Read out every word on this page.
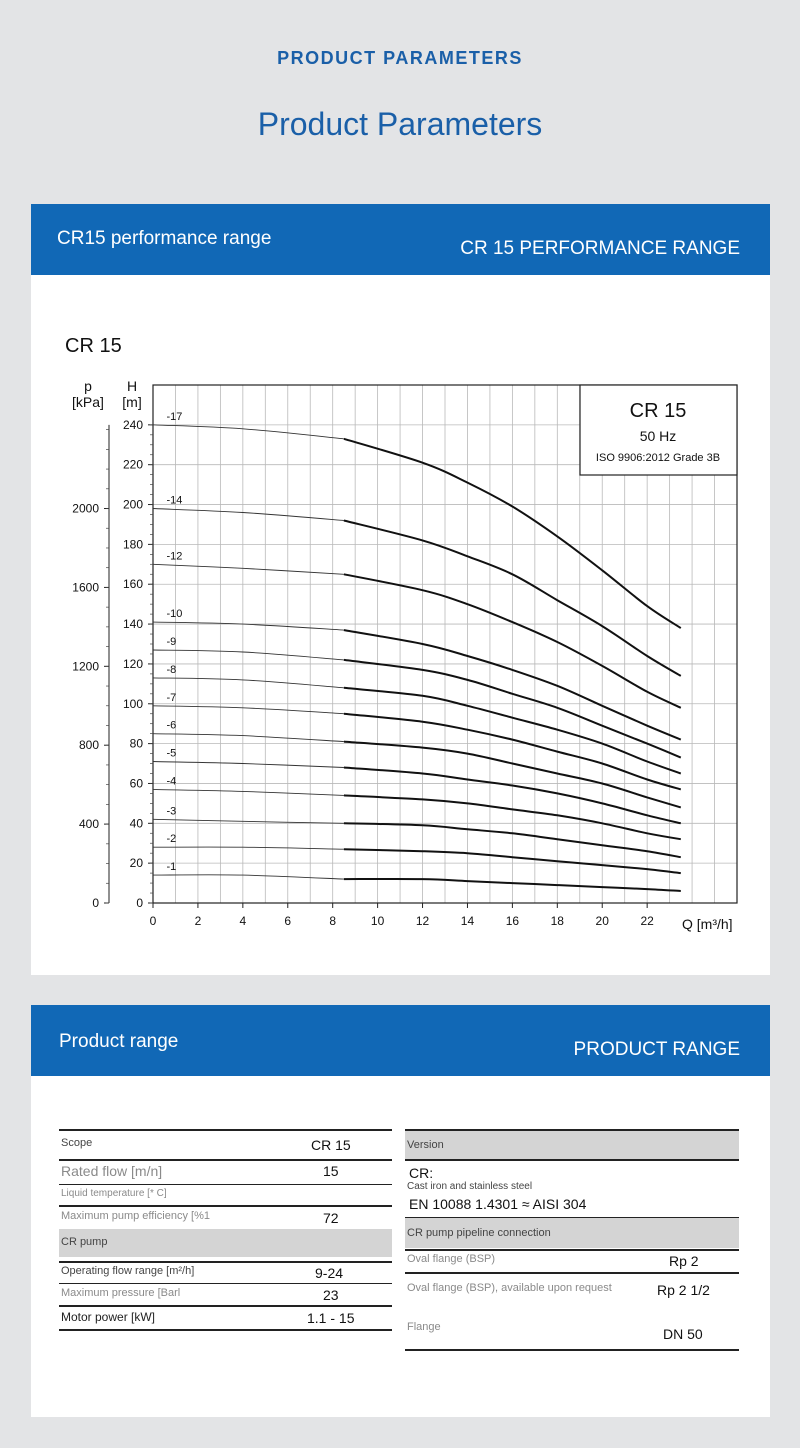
PRODUCT PARAMETERS
Product Parameters
CR15 performance range	CR 15 PERFORMANCE RANGE
CR 15
0	2	4	6	8	10	12	14	16	18	20	22
0
20
40
60
80
100
120
140
160
180
200
220
240
0
400
800
1200
1600
2000
-17
-14
-12
-10
-9
-8
-7
-6
-5
-4
-3
-2
-1
CR 15
50 Hz
ISO 9906:2012 Grade 3B
p
[kPa]
H
[m]
Q [m³/h]
Product range	PRODUCT RANGE
Scope	CR 15
Rated flow [m/n]	15
Liquid temperature [* C]
Maximum pump efficiency [%1	72
CR pump
Operating flow range [m²/h]	9-24
Maximum pressure [Barl	23
Motor power [kW]	1.1 - 15
Version
CR:
Cast iron and stainless steel
EN 10088 1.4301 ≈ AISI 304
CR pump pipeline connection
Oval flange (BSP)	Rp 2
Oval flange (BSP), available upon request	Rp 2 1/2
Flange	DN 50
